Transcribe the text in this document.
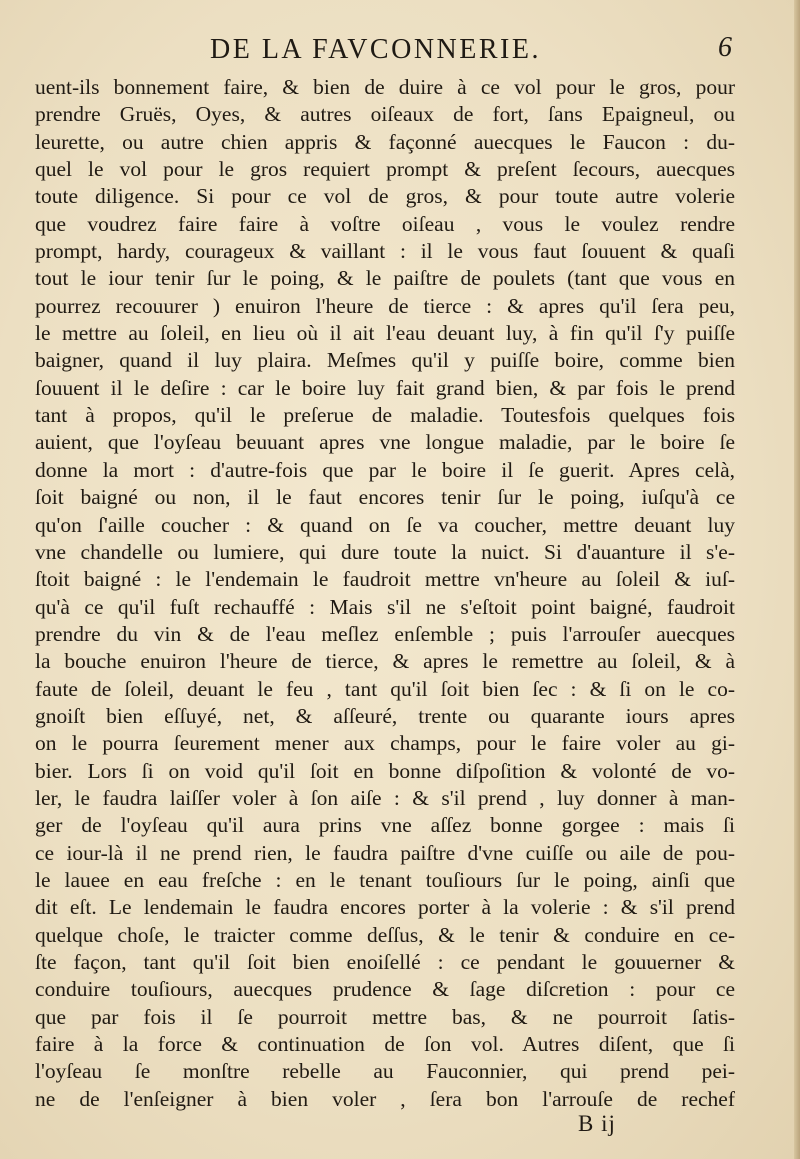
DE LA FAVCONNERIE.	6
uent-ils bonnement faire, & bien de duire à ce vol pour le gros, pour
prendre Gruës, Oyes, & autres oiſeaux de fort, ſans Epaigneul, ou
leurette, ou autre chien appris & façonné auecques le Faucon : du-
quel le vol pour le gros requiert prompt & preſent ſecours, auecques
toute diligence. Si pour ce vol de gros, & pour toute autre volerie
que voudrez faire faire à voſtre oiſeau , vous le voulez rendre
prompt, hardy, courageux & vaillant : il le vous faut ſouuent & quaſi
tout le iour tenir ſur le poing, & le paiſtre de poulets (tant que vous en
pourrez recouurer ) enuiron l'heure de tierce : & apres qu'il ſera peu,
le mettre au ſoleil, en lieu où il ait l'eau deuant luy, à fin qu'il ſ'y puiſſe
baigner, quand il luy plaira. Meſmes qu'il y puiſſe boire, comme bien
ſouuent il le deſire : car le boire luy fait grand bien, & par fois le prend
tant à propos, qu'il le preſerue de maladie. Toutesfois quelques fois
auient, que l'oyſeau beuuant apres vne longue maladie, par le boire ſe
donne la mort : d'autre-fois que par le boire il ſe guerit. Apres celà,
ſoit baigné ou non, il le faut encores tenir ſur le poing, iuſqu'à ce
qu'on ſ'aille coucher : & quand on ſe va coucher, mettre deuant luy
vne chandelle ou lumiere, qui dure toute la nuict. Si d'auanture il s'e-
ſtoit baigné : le l'endemain le faudroit mettre vn'heure au ſoleil & iuſ-
qu'à ce qu'il fuſt rechauffé : Mais s'il ne s'eſtoit point baigné, faudroit
prendre du vin & de l'eau meſlez enſemble ; puis l'arrouſer auecques
la bouche enuiron l'heure de tierce, & apres le remettre au ſoleil, & à
faute de ſoleil, deuant le feu , tant qu'il ſoit bien ſec : & ſi on le co-
gnoiſt bien eſſuyé, net, & aſſeuré, trente ou quarante iours apres
on le pourra ſeurement mener aux champs, pour le faire voler au gi-
bier. Lors ſi on void qu'il ſoit en bonne diſpoſition & volonté de vo-
ler, le faudra laiſſer voler à ſon aiſe : & s'il prend , luy donner à man-
ger de l'oyſeau qu'il aura prins vne aſſez bonne gorgee : mais ſi
ce iour-là il ne prend rien, le faudra paiſtre d'vne cuiſſe ou aile de pou-
le lauee en eau freſche : en le tenant touſiours ſur le poing, ainſi que
dit eſt. Le lendemain le faudra encores porter à la volerie : & s'il prend
quelque choſe, le traicter comme deſſus, & le tenir & conduire en ce-
ſte façon, tant qu'il ſoit bien enoiſellé : ce pendant le gouuerner &
conduire touſiours, auecques prudence & ſage diſcretion : pour ce
que par fois il ſe pourroit mettre bas, & ne pourroit ſatis-
faire à la force & continuation de ſon vol. Autres diſent, que ſi
l'oyſeau ſe monſtre rebelle au Fauconnier, qui prend pei-
ne de l'enſeigner à bien voler , ſera bon l'arrouſe de rechef
B ij
